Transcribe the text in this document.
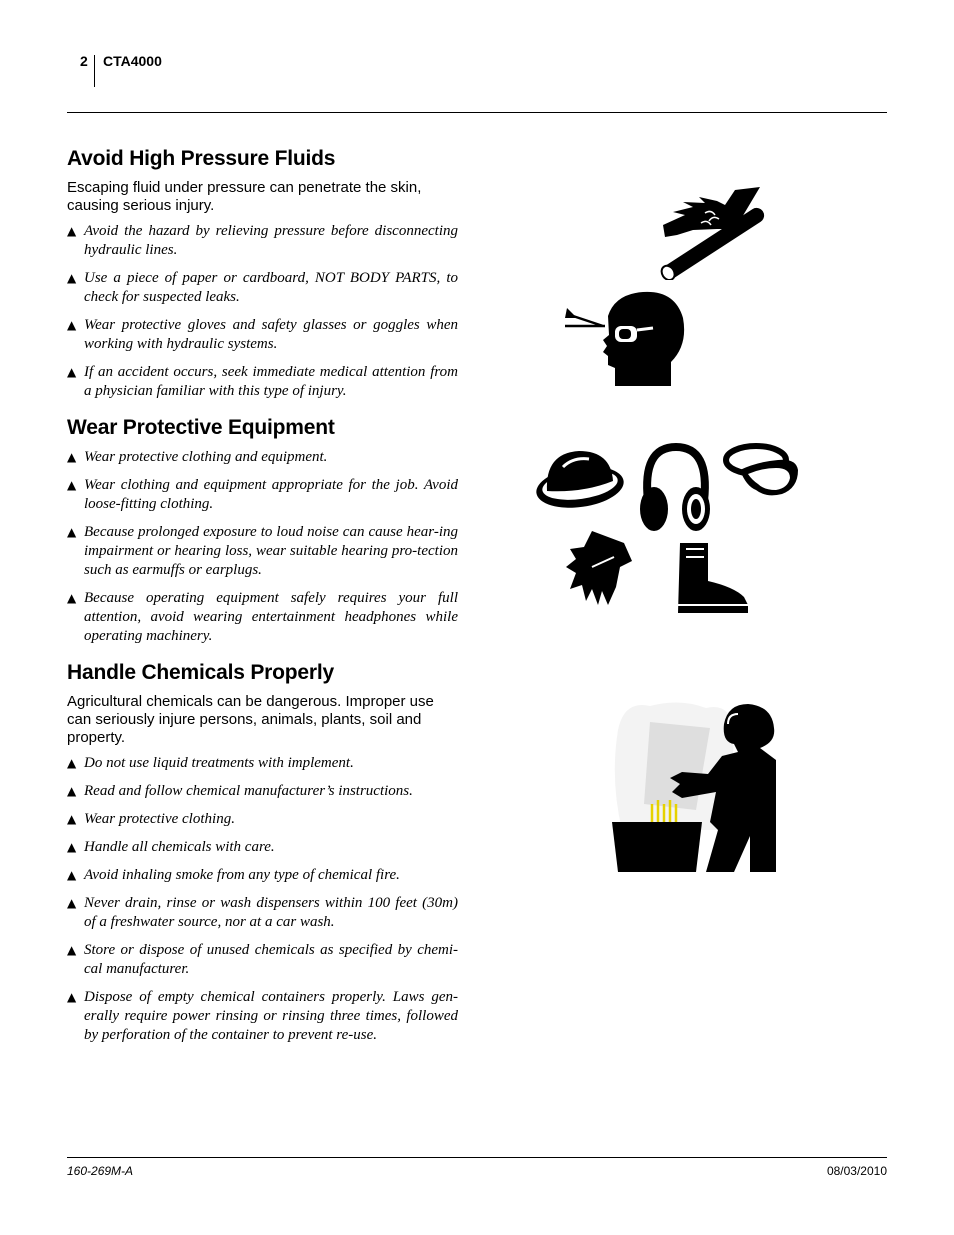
2 CTA4000
Avoid High Pressure Fluids

Escaping fluid under pressure can penetrate the skin, causing serious injury.

▲ Avoid the hazard by relieving pressure before disconnecting hydraulic lines.
▲ Use a piece of paper or cardboard, NOT BODY PARTS, to check for suspected leaks.
▲ Wear protective gloves and safety glasses or goggles when working with hydraulic systems.
▲ If an accident occurs, seek immediate medical attention from a physician familiar with this type of injury.
Wear Protective Equipment
▲ Wear protective clothing and equipment.
▲ Wear clothing and equipment appropriate for the job. Avoid loose-fitting clothing.
▲ Because prolonged exposure to loud noise can cause hear-ing impairment or hearing loss, wear suitable hearing pro-tection such as earmuffs or earplugs.
▲ Because operating equipment safely requires your full attention, avoid wearing entertainment headphones while operating machinery.
Handle Chemicals Properly

Agricultural chemicals can be dangerous. Improper use can seriously injure persons, animals, plants, soil and property.

▲ Do not use liquid treatments with implement.
▲ Read and follow chemical manufacturer’s instructions.
▲ Wear protective clothing.
▲ Handle all chemicals with care.
▲ Avoid inhaling smoke from any type of chemical fire.
▲ Never drain, rinse or wash dispensers within 100 feet (30m) of a freshwater source, nor at a car wash.
▲ Store or dispose of unused chemicals as specified by chemi-cal manufacturer.
▲ Dispose of empty chemical containers properly. Laws gen-erally require power rinsing or rinsing three times, followed by perforation of the container to prevent re-use.
160-269M-A	08/03/2010
